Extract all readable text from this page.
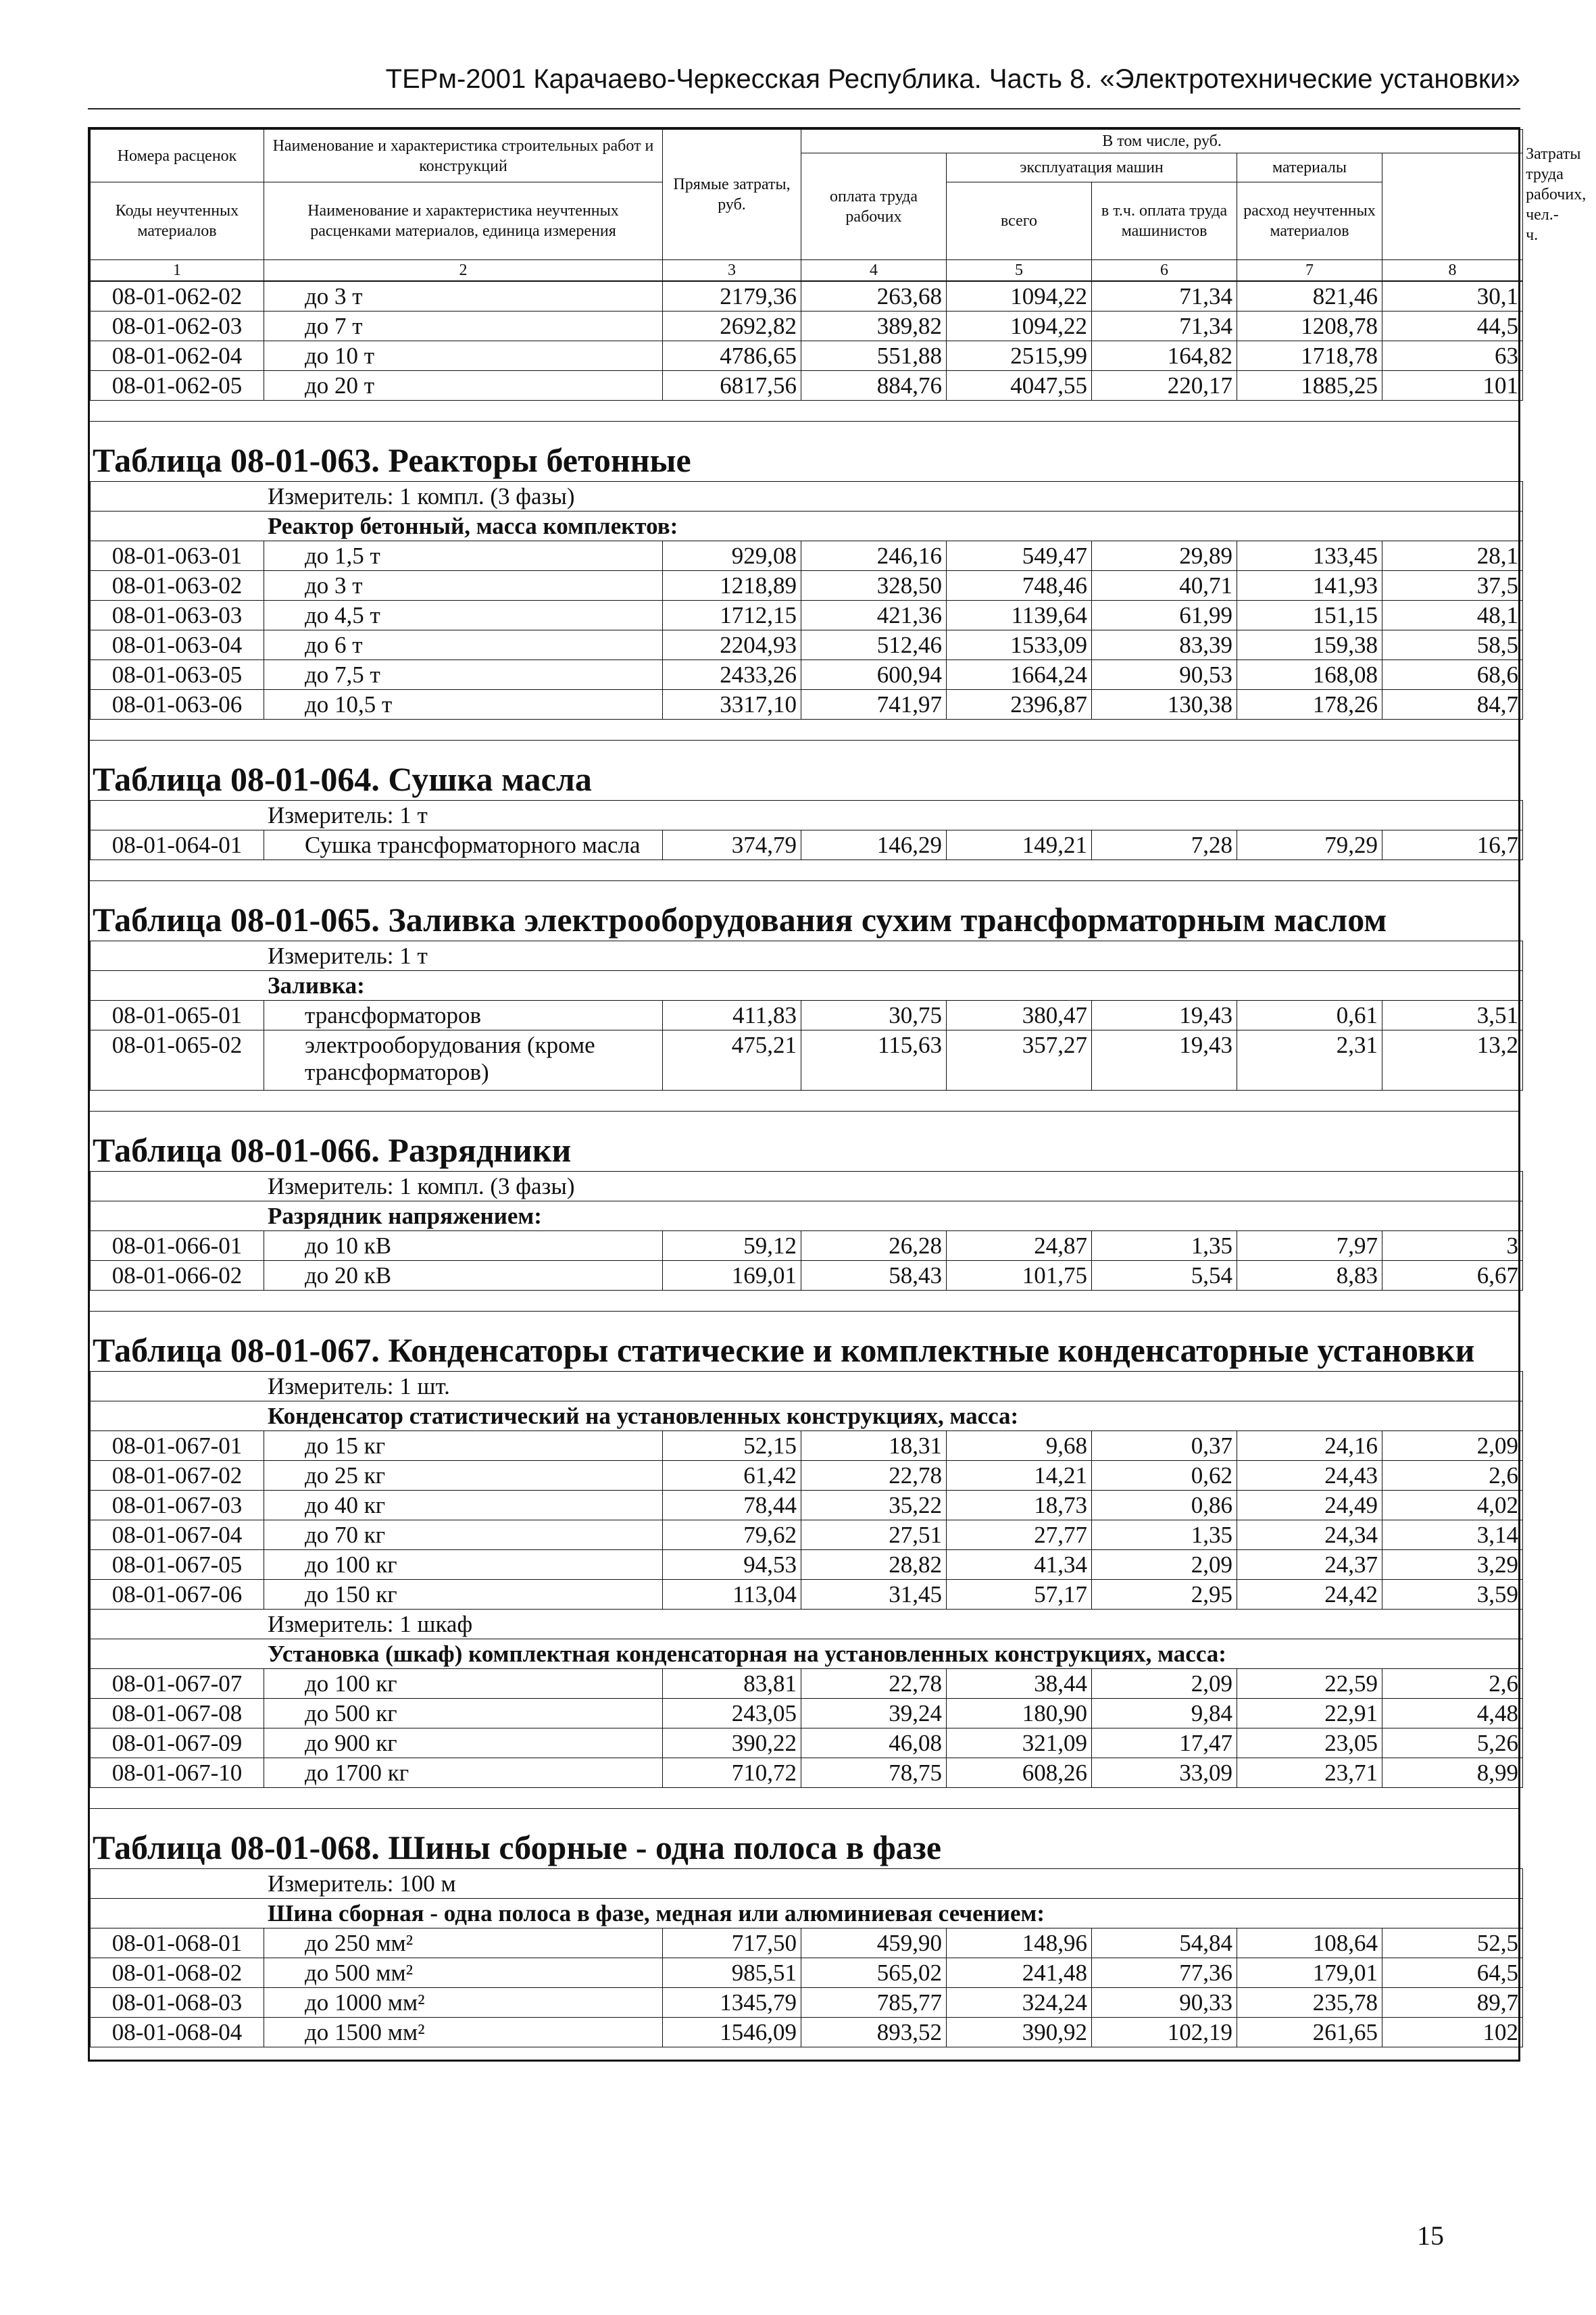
ТЕРм-2001 Карачаево-Черкесская Республика. Часть 8. «Электротехнические установки»
Номера расценок	Наименование и характеристика строительных работ и конструкций	Прямые затраты, руб.	В том числе, руб.					Затраты труда рабочих, чел.-ч.
			оплата труда рабочих	эксплуатация машин		материалы		
Коды неучтенных материалов	Наименование и характеристика неучтенных расценками материалов, единица измерения			всего	в т.ч. оплата труда машинистов	расход неучтенных материалов		

1	2	3	4	5	6	7	8	
08-01-062-02	до 3 т	2179,36	263,68	1094,22	71,34	821,46	30,1
08-01-062-03	до 7 т	2692,82	389,82	1094,22	71,34	1208,78	44,5
08-01-062-04	до 10 т	4786,65	551,88	2515,99	164,82	1718,78	63
08-01-062-05	до 20 т	6817,56	884,76	4047,55	220,17	1885,25	101
Таблица 08-01-063. Реакторы бетонные
Измеритель: 1 компл. (3 фазы)							
Реактор бетонный, масса комплектов:							
08-01-063-01	до 1,5 т	929,08	246,16	549,47	29,89	133,45	28,1
08-01-063-02	до 3 т	1218,89	328,50	748,46	40,71	141,93	37,5
08-01-063-03	до 4,5 т	1712,15	421,36	1139,64	61,99	151,15	48,1
08-01-063-04	до 6 т	2204,93	512,46	1533,09	83,39	159,38	58,5
08-01-063-05	до 7,5 т	2433,26	600,94	1664,24	90,53	168,08	68,6
08-01-063-06	до 10,5 т	3317,10	741,97	2396,87	130,38	178,26	84,7
Таблица 08-01-064. Сушка масла
Измеритель: 1 т
08-01-064-01	Сушка трансформаторного масла	374,79	146,29	149,21	7,28	79,29	16,7
Таблица 08-01-065. Заливка электрооборудования сухим трансформаторным маслом
Измеритель: 1 т							
Заливка:							
08-01-065-01	трансформаторов	411,83	30,75	380,47	19,43	0,61	3,51
08-01-065-02	электрооборудования (кроме трансформаторов)	475,21	115,63	357,27	19,43	2,31	13,2
Таблица 08-01-066. Разрядники
Измеритель: 1 компл. (3 фазы)							
Разрядник напряжением:							
08-01-066-01	до 10 кВ	59,12	26,28	24,87	1,35	7,97	3
08-01-066-02	до 20 кВ	169,01	58,43	101,75	5,54	8,83	6,67
Таблица 08-01-067. Конденсаторы статические и комплектные конденсаторные установки
Измеритель: 1 шт.							
Конденсатор статистический на установленных конструкциях, масса:							
08-01-067-01	до 15 кг	52,15	18,31	9,68	0,37	24,16	2,09
08-01-067-02	до 25 кг	61,42	22,78	14,21	0,62	24,43	2,6
08-01-067-03	до 40 кг	78,44	35,22	18,73	0,86	24,49	4,02
08-01-067-04	до 70 кг	79,62	27,51	27,77	1,35	24,34	3,14
08-01-067-05	до 100 кг	94,53	28,82	41,34	2,09	24,37	3,29
08-01-067-06	до 150 кг	113,04	31,45	57,17	2,95	24,42	3,59
Измеритель: 1 шкаф							
Установка (шкаф) комплектная конденсаторная на установленных конструкциях, масса:							
08-01-067-07	до 100 кг	83,81	22,78	38,44	2,09	22,59	2,6
08-01-067-08	до 500 кг	243,05	39,24	180,90	9,84	22,91	4,48
08-01-067-09	до 900 кг	390,22	46,08	321,09	17,47	23,05	5,26
08-01-067-10	до 1700 кг	710,72	78,75	608,26	33,09	23,71	8,99
Таблица 08-01-068. Шины сборные - одна полоса в фазе
Измеритель: 100 м							
Шина сборная - одна полоса в фазе, медная или алюминиевая сечением:							
08-01-068-01	до 250 мм²	717,50	459,90	148,96	54,84	108,64	52,5
08-01-068-02	до 500 мм²	985,51	565,02	241,48	77,36	179,01	64,5
08-01-068-03	до 1000 мм²	1345,79	785,77	324,24	90,33	235,78	89,7
08-01-068-04	до 1500 мм²	1546,09	893,52	390,92	102,19	261,65	102
15
